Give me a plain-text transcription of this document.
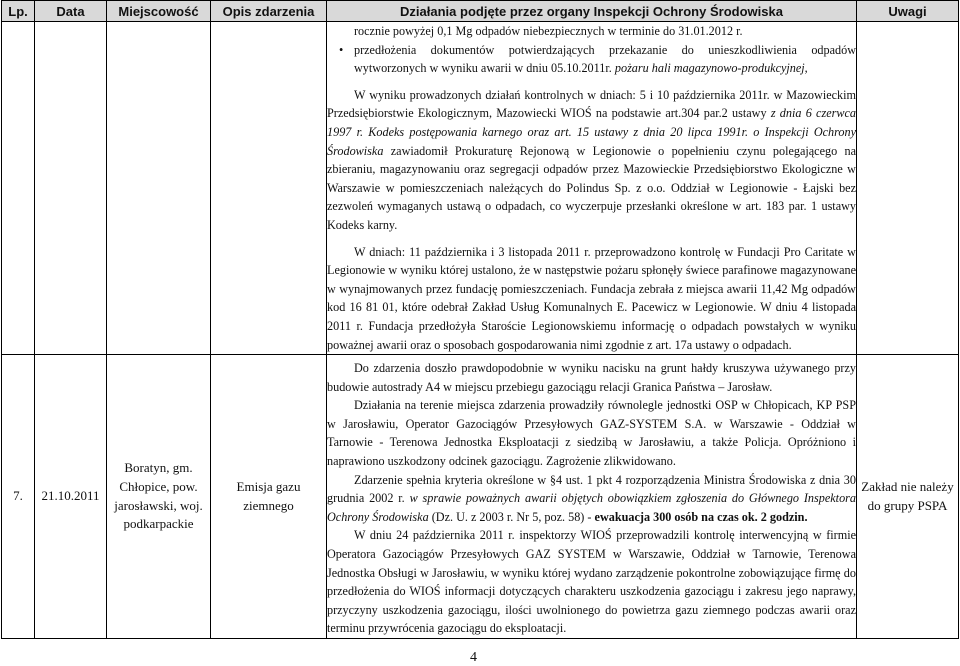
Lp.	Data	Miejscowość	Opis zdarzenia	Działania podjęte przez organy Inspekcji Ochrony Środowiska	Uwagi

				rocznie powyżej 0,1 Mg odpadów niebezpiecznych w terminie do 31.01.2012 r.

• przedłożenia dokumentów potwierdzających przekazanie do unieszkodliwienia odpadów wytworzonych w wyniku awarii w dniu 05.10.2011r. pożaru hali magazynowo-produkcyjnej,

W wyniku prowadzonych działań kontrolnych w dniach: 5 i 10 października 2011r. w Mazowieckim Przedsiębiorstwie Ekologicznym, Mazowiecki WIOŚ na podstawie art.304 par.2 ustawy z dnia 6 czerwca 1997 r. Kodeks postępowania karnego oraz art. 15 ustawy z dnia 20 lipca 1991r. o Inspekcji Ochrony Środowiska zawiadomił Prokuraturę Rejonową w Legionowie o popełnieniu czynu polegającego na zbieraniu, magazynowaniu oraz segregacji odpadów przez Mazowieckie Przedsiębiorstwo Ekologiczne w Warszawie w pomieszczeniach należących do Polindus Sp. z o.o. Oddział w Legionowie - Łajski bez zezwoleń wymaganych ustawą o odpadach, co wyczerpuje przesłanki określone w art. 183 par. 1 ustawy Kodeks karny.

W dniach: 11 października i 3 listopada 2011 r. przeprowadzono kontrolę w Fundacji Pro Caritate w Legionowie w wyniku której ustalono, że w następstwie pożaru spłonęły świece parafinowe magazynowane w wynajmowanych przez fundację pomieszczeniach. Fundacja zebrała z miejsca awarii 11,42 Mg odpadów kod 16 81 01, które odebrał Zakład Usług Komunalnych E. Pacewicz w Legionowie. W dniu 4 listopada 2011 r. Fundacja przedłożyła Staroście Legionowskiemu informację o odpadach powstałych w wyniku poważnej awarii oraz o sposobach gospodarowania nimi zgodnie z art. 17a ustawy o odpadach.

7.	21.10.2011	Boratyn, gm. Chłopice, pow. jarosławski, woj. podkarpackie	Emisja gazu ziemnego	Do zdarzenia doszło prawdopodobnie w wyniku nacisku na grunt hałdy kruszywa używanego przy budowie autostrady A4 w miejscu przebiegu gazociągu relacji Granica Państwa – Jarosław.

Działania na terenie miejsca zdarzenia prowadziły równolegle jednostki OSP w Chłopicach, KP PSP w Jarosławiu, Operator Gazociągów Przesyłowych GAZ-SYSTEM S.A. w Warszawie - Oddział w Tarnowie - Terenowa Jednostka Eksploatacji z siedzibą w Jarosławiu, a także Policja. Opróżniono i naprawiono uszkodzony odcinek gazociągu. Zagrożenie zlikwidowano.

Zdarzenie spełnia kryteria określone w §4 ust. 1 pkt 4 rozporządzenia Ministra Środowiska z dnia 30 grudnia 2002 r. w sprawie poważnych awarii objętych obowiązkiem zgłoszenia do Głównego Inspektora Ochrony Środowiska (Dz. U. z 2003 r. Nr 5, poz. 58) - ewakuacja 300 osób na czas ok. 2 godzin.

W dniu 24 października 2011 r. inspektorzy WIOŚ przeprowadzili kontrolę interwencyjną w firmie Operatora Gazociągów Przesyłowych GAZ SYSTEM w Warszawie, Oddział w Tarnowie, Terenowa Jednostka Obsługi w Jarosławiu, w wyniku której wydano zarządzenie pokontrolne zobowiązujące firmę do przedłożenia do WIOŚ informacji dotyczących charakteru uszkodzenia gazociągu i zakresu jego naprawy, przyczyny uszkodzenia gazociągu, ilości uwolnionego do powietrza gazu ziemnego podczas awarii oraz terminu przywrócenia gazociągu do eksploatacji.	Zakład nie należy do grupy PSPA
4
